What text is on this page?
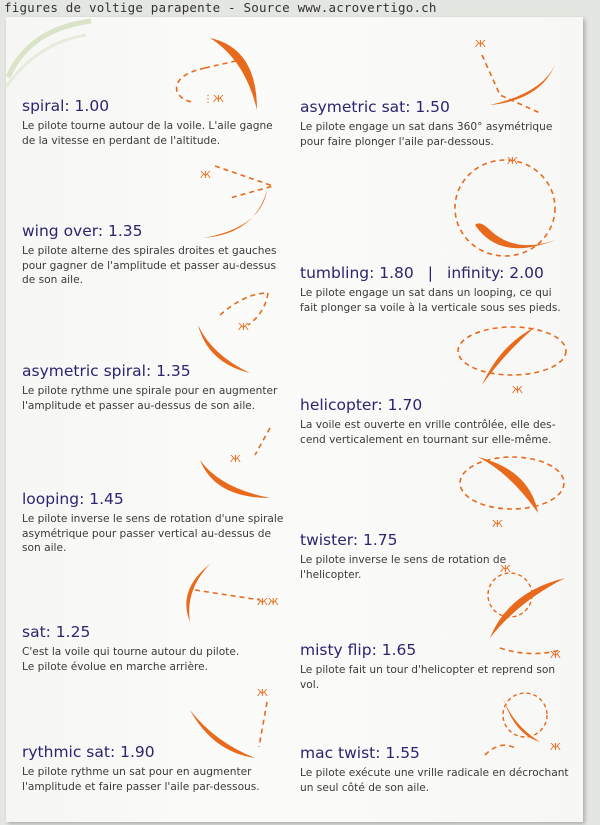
figures de voltige parapente - Source www.acrovertigo.ch
spiral: 1.00
Le pilote tourne autour de la voile. L'aile gagne
de la vitesse en perdant de l'altitude.
wing over: 1.35
Le pilote alterne des spirales droites et gauches
pour gagner de l'amplitude et passer au-dessus
de son aile.
asymetric spiral: 1.35
Le pilote rythme une spirale pour en augmenter
l'amplitude et passer au-dessus de son aile.
looping: 1.45
Le pilote inverse le sens de rotation d'une spirale
asymétrique pour passer vertical au-dessus de
son aile.
sat: 1.25
C'est la voile qui tourne autour du pilote.
Le pilote évolue en marche arrière.
rythmic sat: 1.90
Le pilote rythme un sat pour en augmenter
l'amplitude et faire passer l'aile par-dessous.
asymetric sat: 1.50
Le pilote engage un sat dans 360° asymétrique
pour faire plonger l'aile par-dessous.
tumbling: 1.80 | infinity: 2.00
Le pilote engage un sat dans un looping, ce qui
fait plonger sa voile à la verticale sous ses pieds.
helicopter: 1.70
La voile est ouverte en vrille contrôlée, elle des-
cend verticalement en tournant sur elle-même.
twister: 1.75
Le pilote inverse le sens de rotation de l'helicopter.
misty flip: 1.65
Le pilote fait un tour d'helicopter et reprend son vol.
mac twist: 1.55
Le pilote exécute une vrille radicale en décrochant
un seul côté de son aile.
⋮Ж
Ж
Ж
Ж
ЖЖ
Ж
Ж
Ж
Ж
Ж
Ж
Ж
Ж
